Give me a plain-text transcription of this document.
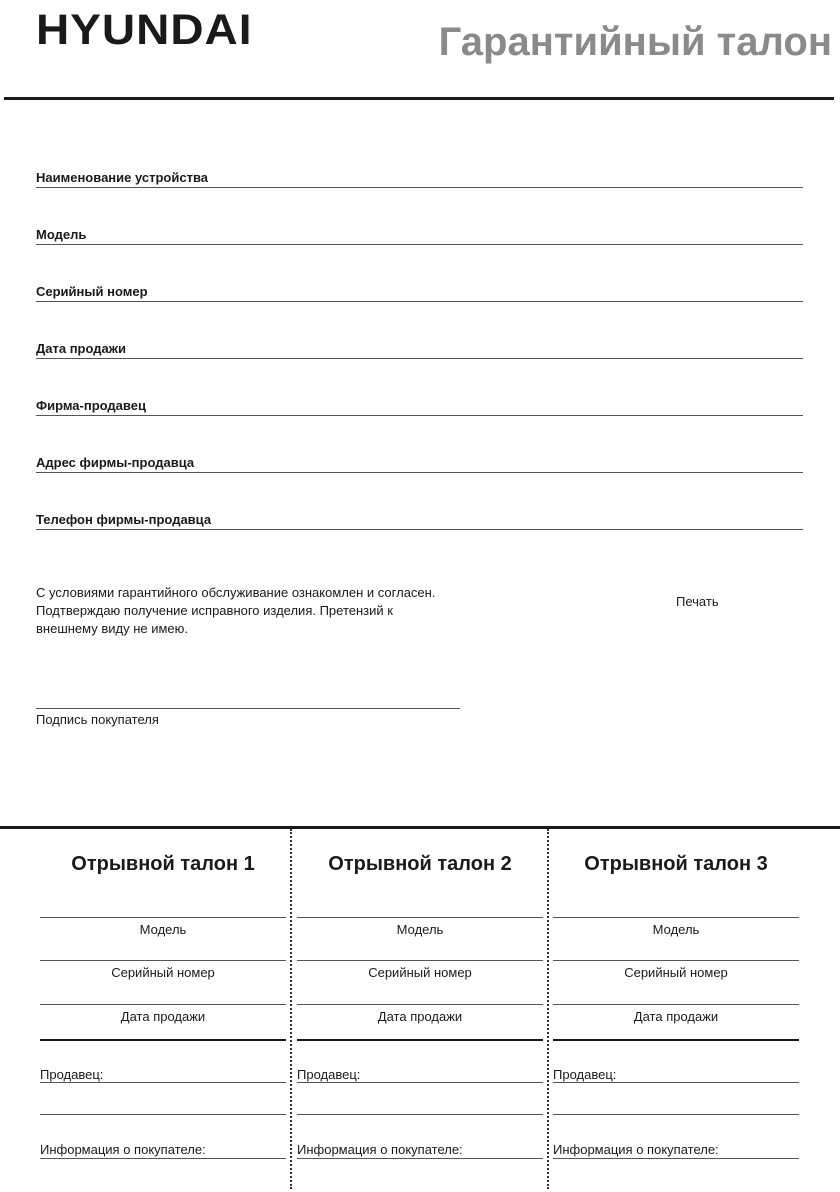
HYUNDAI	Гарантийный талон
Наименование устройства
Модель
Серийный номер
Дата продажи
Фирма-продавец
Адрес фирмы-продавца
Телефон фирмы-продавца
С условиями гарантийного обслуживание ознакомлен и согласен.
Подтверждаю получение исправного изделия. Претензий к
внешнему виду не имею.
Печать
Подпись покупателя
Отрывной талон 1
Модель
Серийный номер
Дата продажи
Продавец:
Информация о покупателе:
Отрывной талон 2
Модель
Серийный номер
Дата продажи
Продавец:
Информация о покупателе:
Отрывной талон 3
Модель
Серийный номер
Дата продажи
Продавец:
Информация о покупателе:
